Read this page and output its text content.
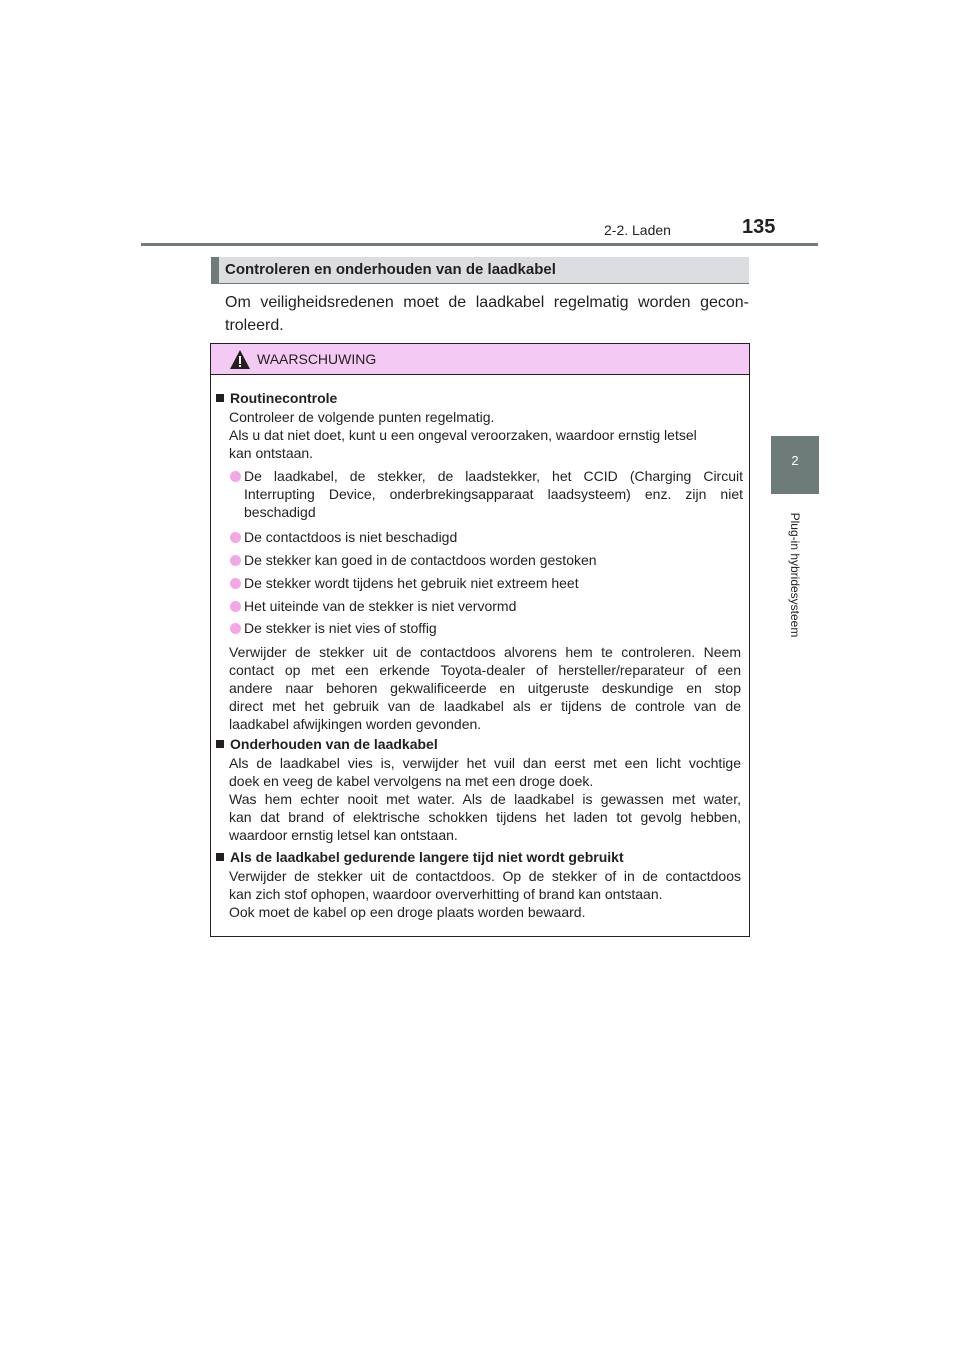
2-2. Laden	135
2
Plug-in hybridesysteem
Controleren en onderhouden van de laadkabel
Om veiligheidsredenen moet de laadkabel regelmatig worden gecon- troleerd.
WAARSCHUWING
Routinecontrole
Controleer de volgende punten regelmatig.
Als u dat niet doet, kunt u een ongeval veroorzaken, waardoor ernstig letsel
kan ontstaan.
De laadkabel, de stekker, de laadstekker, het CCID (Charging Circuit
Interrupting Device, onderbrekingsapparaat laadsysteem) enz. zijn niet
beschadigd
De contactdoos is niet beschadigd
De stekker kan goed in de contactdoos worden gestoken
De stekker wordt tijdens het gebruik niet extreem heet
Het uiteinde van de stekker is niet vervormd
De stekker is niet vies of stoffig
Verwijder de stekker uit de contactdoos alvorens hem te controleren. Neem
contact op met een erkende Toyota-dealer of hersteller/reparateur of een
andere naar behoren gekwalificeerde en uitgeruste deskundige en stop
direct met het gebruik van de laadkabel als er tijdens de controle van de
laadkabel afwijkingen worden gevonden.
Onderhouden van de laadkabel
Als de laadkabel vies is, verwijder het vuil dan eerst met een licht vochtige
doek en veeg de kabel vervolgens na met een droge doek.
Was hem echter nooit met water. Als de laadkabel is gewassen met water,
kan dat brand of elektrische schokken tijdens het laden tot gevolg hebben,
waardoor ernstig letsel kan ontstaan.
Als de laadkabel gedurende langere tijd niet wordt gebruikt
Verwijder de stekker uit de contactdoos. Op de stekker of in de contactdoos
kan zich stof ophopen, waardoor oververhitting of brand kan ontstaan.
Ook moet de kabel op een droge plaats worden bewaard.
